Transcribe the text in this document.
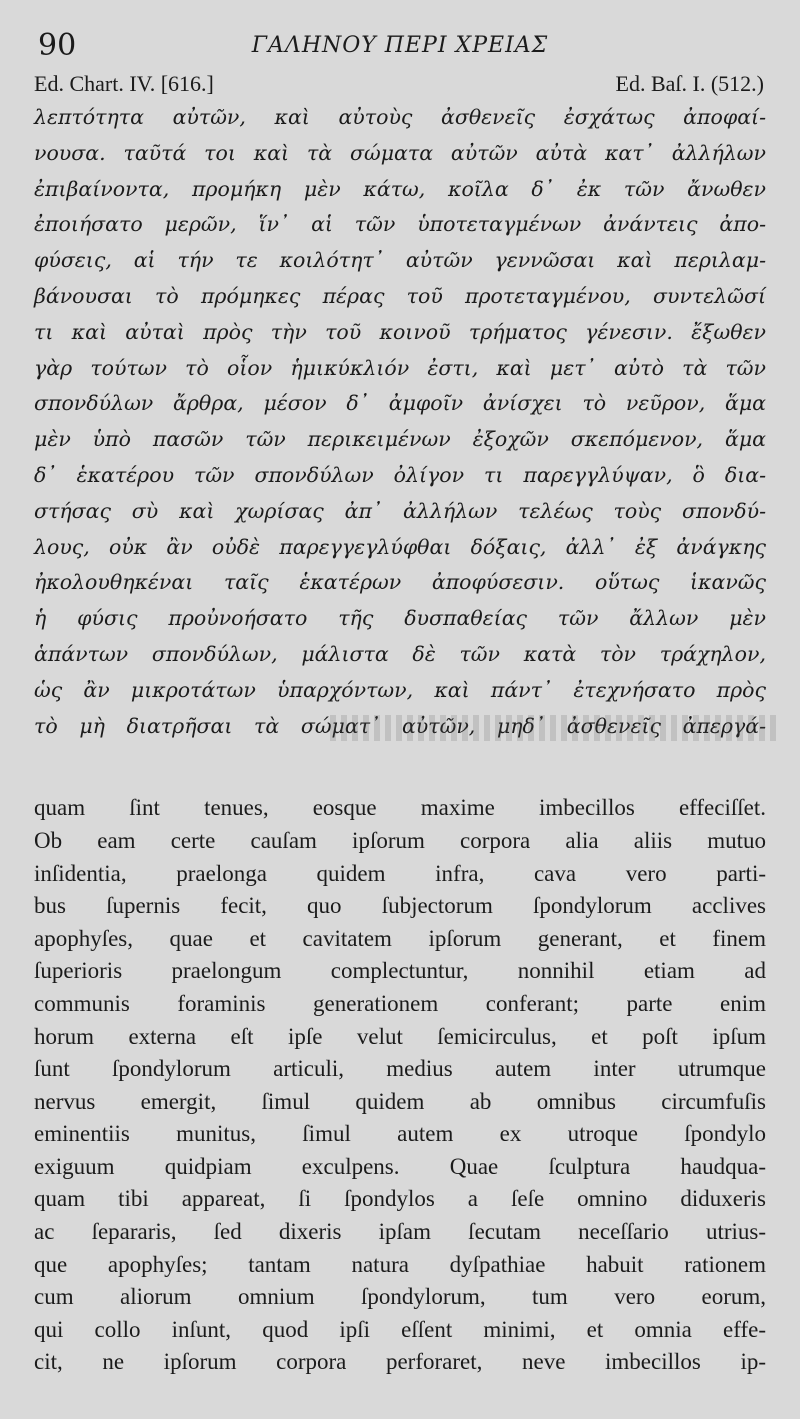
90	ΓΑΛΗΝΟΥ ΠΕΡΙ ΧΡΕΙΑΣ
Ed. Chart. IV. [616.]	Ed. Baſ. I. (512.)
λεπτότητα αὐτῶν, καὶ αὐτοὺς ἀσθενεῖς ἐσχάτως ἀποφαί-
νουσα. ταῦτά τοι καὶ τὰ σώματα αὐτῶν αὐτὰ κατ᾽ ἀλλήλων
ἐπιβαίνοντα, προμήκη μὲν κάτω, κοῖλα δ᾽ ἐκ τῶν ἄνωθεν
ἐποιήσατο μερῶν, ἵν᾽ αἱ τῶν ὑποτεταγμένων ἀνάντεις ἀπο-
φύσεις, αἱ τήν τε κοιλότητ᾽ αὐτῶν γεννῶσαι καὶ περιλαμ-
βάνουσαι τὸ πρόμηκες πέρας τοῦ προτεταγμένου, συντελῶσί
τι καὶ αὐταὶ πρὸς τὴν τοῦ κοινοῦ τρήματος γένεσιν. ἔξωθεν
γὰρ τούτων τὸ οἷον ἡμικύκλιόν ἐστι, καὶ μετ᾽ αὐτὸ τὰ τῶν
σπονδύλων ἄρθρα, μέσον δ᾽ ἀμφοῖν ἀνίσχει τὸ νεῦρον, ἅμα
μὲν ὑπὸ πασῶν τῶν περικειμένων ἐξοχῶν σκεπόμενον, ἅμα
δ᾽ ἑκατέρου τῶν σπονδύλων ὀλίγον τι παρεγγλύψαν, ὃ δια-
στήσας σὺ καὶ χωρίσας ἀπ᾽ ἀλλήλων τελέως τοὺς σπονδύ-
λους, οὐκ ἂν οὐδὲ παρεγγεγλύφθαι δόξαις, ἀλλ᾽ ἐξ ἀνάγκης
ἠκολουθηκέναι ταῖς ἑκατέρων ἀποφύσεσιν. οὕτως ἱκανῶς
ἡ φύσις προὐνοήσατο τῆς δυσπαθείας τῶν ἄλλων μὲν
ἁπάντων σπονδύλων, μάλιστα δὲ τῶν κατὰ τὸν τράχηλον,
ὡς ἂν μικροτάτων ὑπαρχόντων, καὶ πάντ᾽ ἐτεχνήσατο πρὸς
τὸ μὴ διατρῆσαι τὰ σώματ᾽ αὐτῶν, μηδ᾽ ἀσθενεῖς ἀπεργά-
quam ſint tenues, eosque maxime imbecillos effeciſſet.
Ob eam certe cauſam ipſorum corpora alia aliis mutuo
inſidentia, praelonga quidem infra, cava vero parti-
bus ſupernis fecit, quo ſubjectorum ſpondylorum acclives
apophyſes, quae et cavitatem ipſorum generant, et finem
ſuperioris praelongum complectuntur, nonnihil etiam ad
communis foraminis generationem conferant; parte enim
horum externa eſt ipſe velut ſemicirculus, et poſt ipſum
ſunt ſpondylorum articuli, medius autem inter utrumque
nervus emergit, ſimul quidem ab omnibus circumfuſis
eminentiis munitus, ſimul autem ex utroque ſpondylo
exiguum quidpiam exculpens. Quae ſculptura haudqua-
quam tibi appareat, ſi ſpondylos a ſeſe omnino diduxeris
ac ſepararis, ſed dixeris ipſam ſecutam neceſſario utrius-
que apophyſes; tantam natura dyſpathiae habuit rationem
cum aliorum omnium ſpondylorum, tum vero eorum,
qui collo inſunt, quod ipſi eſſent minimi, et omnia effe-
cit, ne ipſorum corpora perforaret, neve imbecillos ip-
